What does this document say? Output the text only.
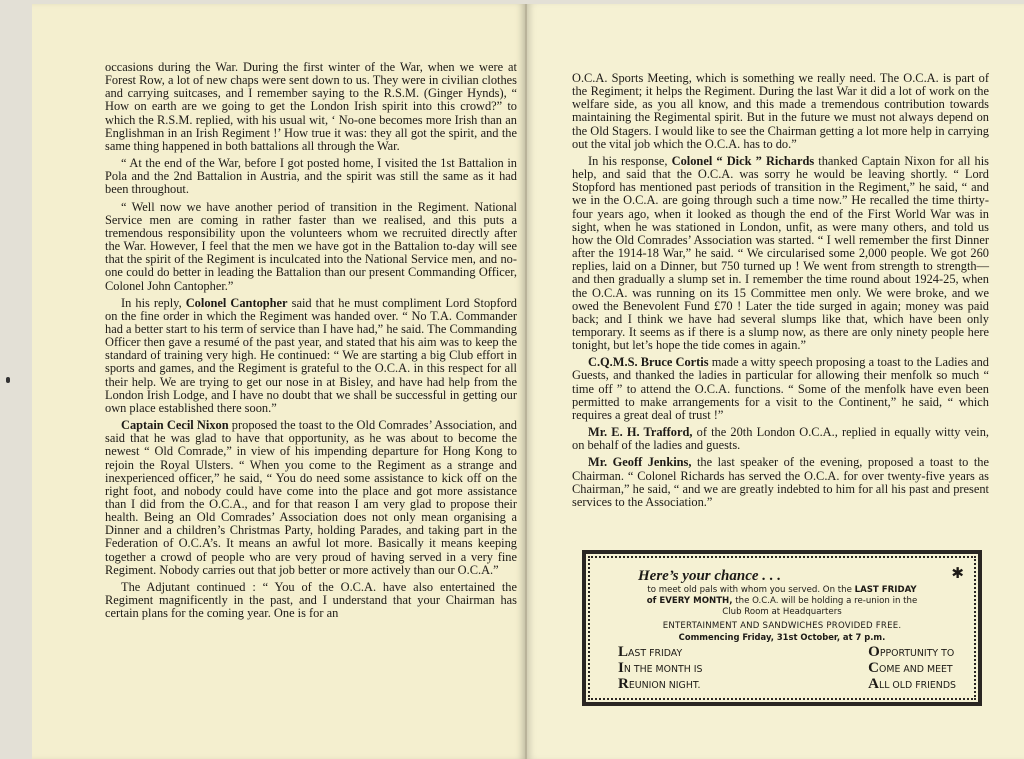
occasions during the War. During the first winter of the War, when we were at Forest Row, a lot of new chaps were sent down to us. They were in civilian clothes and carrying suitcases, and I remember saying to the R.S.M. (Ginger Hynds), “ How on earth are we going to get the London Irish spirit into this crowd?” to which the R.S.M. replied, with his usual wit, ‘ No-one becomes more Irish than an Englishman in an Irish Regiment !’ How true it was: they all got the spirit, and the same thing happened in both battalions all through the War.

“ At the end of the War, before I got posted home, I visited the 1st Battalion in Pola and the 2nd Battalion in Austria, and the spirit was still the same as it had been throughout.

“ Well now we have another period of transition in the Regiment. National Service men are coming in rather faster than we realised, and this puts a tremendous responsibility upon the volunteers whom we recruited directly after the War. However, I feel that the men we have got in the Battalion to-day will see that the spirit of the Regiment is inculcated into the National Service men, and no-one could do better in leading the Battalion than our present Commanding Officer, Colonel John Cantopher.”

In his reply, Colonel Cantopher said that he must compliment Lord Stopford on the fine order in which the Regiment was handed over. “ No T.A. Commander had a better start to his term of service than I have had,” he said. The Commanding Officer then gave a resumé of the past year, and stated that his aim was to keep the standard of training very high. He continued: “ We are starting a big Club effort in sports and games, and the Regiment is grateful to the O.C.A. in this respect for all their help. We are trying to get our nose in at Bisley, and have had help from the London Irish Lodge, and I have no doubt that we shall be successful in getting our own place established there soon.”

Captain Cecil Nixon proposed the toast to the Old Comrades’ Association, and said that he was glad to have that opportunity, as he was about to become the newest “ Old Comrade,” in view of his impending departure for Hong Kong to rejoin the Royal Ulsters. “ When you come to the Regiment as a strange and inexperienced officer,” he said, “ You do need some assistance to kick off on the right foot, and nobody could have come into the place and got more assistance than I did from the O.C.A., and for that reason I am very glad to propose their health. Being an Old Comrades’ Association does not only mean organising a Dinner and a children’s Christmas Party, holding Parades, and taking part in the Federation of O.C.A’s. It means an awful lot more. Basically it means keeping together a crowd of people who are very proud of having served in a very fine Regiment. Nobody carries out that job better or more actively than our O.C.A.”

The Adjutant continued : “ You of the O.C.A. have also entertained the Regiment magnificently in the past, and I understand that your Chairman has certain plans for the coming year. One is for an

O.C.A. Sports Meeting, which is something we really need. The O.C.A. is part of the Regiment; it helps the Regiment. During the last War it did a lot of work on the welfare side, as you all know, and this made a tremendous contribution towards maintaining the Regimental spirit. But in the future we must not always depend on the Old Stagers. I would like to see the Chairman getting a lot more help in carrying out the vital job which the O.C.A. has to do.”

In his response, Colonel “ Dick ” Richards thanked Captain Nixon for all his help, and said that the O.C.A. was sorry he would be leaving shortly. “ Lord Stopford has mentioned past periods of transition in the Regiment,” he said, “ and we in the O.C.A. are going through such a time now.” He recalled the time thirty-four years ago, when it looked as though the end of the First World War was in sight, when he was stationed in London, unfit, as were many others, and told us how the Old Comrades’ Association was started. “ I well remember the first Dinner after the 1914-18 War,” he said. “ We circularised some 2,000 people. We got 260 replies, laid on a Dinner, but 750 turned up ! We went from strength to strength—and then gradually a slump set in. I remember the time round about 1924-25, when the O.C.A. was running on its 15 Committee men only. We were broke, and we owed the Benevolent Fund £70 ! Later the tide surged in again; money was paid back; and I think we have had several slumps like that, which have been only temporary. It seems as if there is a slump now, as there are only ninety people here tonight, but let’s hope the tide comes in again.”

C.Q.M.S. Bruce Cortis made a witty speech proposing a toast to the Ladies and Guests, and thanked the ladies in particular for allowing their menfolk so much “ time off ” to attend the O.C.A. functions. “ Some of the menfolk have even been permitted to make arrangements for a visit to the Continent,” he said, “ which requires a great deal of trust !”

Mr. E. H. Trafford, of the 20th London O.C.A., replied in equally witty vein, on behalf of the ladies and guests.

Mr. Geoff Jenkins, the last speaker of the evening, proposed a toast to the Chairman. “ Colonel Richards has served the O.C.A. for over twenty-five years as Chairman,” he said, “ and we are greatly indebted to him for all his past and present services to the Association.”

✱
Here’s your chance . . .
to meet old pals with whom you served. On the LAST FRIDAY
of EVERY MONTH, the O.C.A. will be holding a re-union in the
Club Room at Headquarters
ENTERTAINMENT AND SANDWICHES PROVIDED FREE.
Commencing Friday, 31st October, at 7 p.m.
LAST FRIDAY
IN THE MONTH IS
REUNION NIGHT.
OPPORTUNITY TO
COME AND MEET
ALL OLD FRIENDS
